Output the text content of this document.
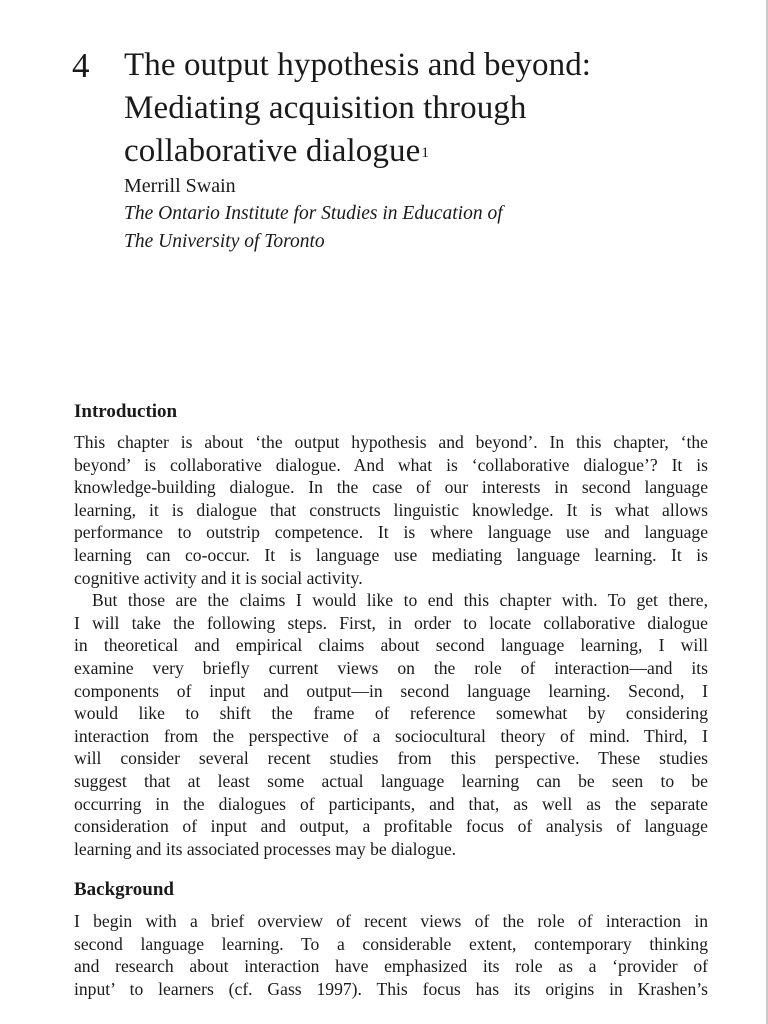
4 The output hypothesis and beyond:
Mediating acquisition through
collaborative dialogue$^1$

Merrill Swain

The Ontario Institute for Studies in Education of
The University of Toronto

Introduction
This chapter is about ‘the output hypothesis and beyond’. In this chapter, ‘the
beyond’ is collaborative dialogue. And what is ‘collaborative dialogue’? It is
knowledge-building dialogue. In the case of our interests in second language
learning, it is dialogue that constructs linguistic knowledge. It is what allows
performance to outstrip competence. It is where language use and language
learning can co-occur. It is language use mediating language learning. It is
cognitive activity and it is social activity.
But those are the claims I would like to end this chapter with. To get there,
I will take the following steps. First, in order to locate collaborative dialogue
in theoretical and empirical claims about second language learning, I will
examine very briefly current views on the role of interaction—and its
components of input and output—in second language learning. Second, I
would like to shift the frame of reference somewhat by considering
interaction from the perspective of a sociocultural theory of mind. Third, I
will consider several recent studies from this perspective. These studies
suggest that at least some actual language learning can be seen to be
occurring in the dialogues of participants, and that, as well as the separate
consideration of input and output, a profitable focus of analysis of language
learning and its associated processes may be dialogue.
Background
I begin with a brief overview of recent views of the role of interaction in
second language learning. To a considerable extent, contemporary thinking
and research about interaction have emphasized its role as a ‘provider of
input’ to learners (cf. Gass 1997). This focus has its origins in Krashen’s
